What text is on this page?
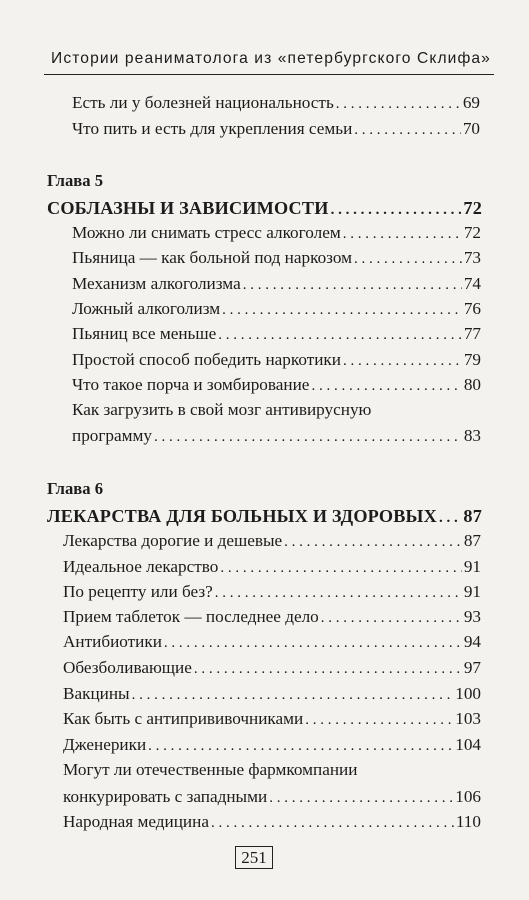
Истории реаниматолога из «петербургского Склифа»
Есть ли у болезней национальность . . .	69
Что пить и есть для укрепления семьи . . .	70
Глава 5
СОБЛАЗНЫ И ЗАВИСИМОСТИ . . .	72
Можно ли снимать стресс алкоголем . . .	72
Пьяница — как больной под наркозом . . .	73
Механизм алкоголизма . . .	74
Ложный алкоголизм . . .	76
Пьяниц все меньше . . .	77
Простой способ победить наркотики . . .	79
Что такое порча и зомбирование . . .	80
Как загрузить в свой мозг антивирусную
программу . . .	83
Глава 6
ЛЕКАРСТВА ДЛЯ БОЛЬНЫХ И ЗДОРОВЫХ . . . 87
Лекарства дорогие и дешевые . . .	87
Идеальное лекарство . . .	91
По рецепту или без? . . .	91
Прием таблеток — последнее дело . . .	93
Антибиотики . . .	94
Обезболивающие . . .	97
Вакцины . . .	100
Как быть с антипрививочниками . . .	103
Дженерики . . .	104
Могут ли отечественные фармкомпании
конкурировать с западными . . .	106
Народная медицина . . .	110
251
